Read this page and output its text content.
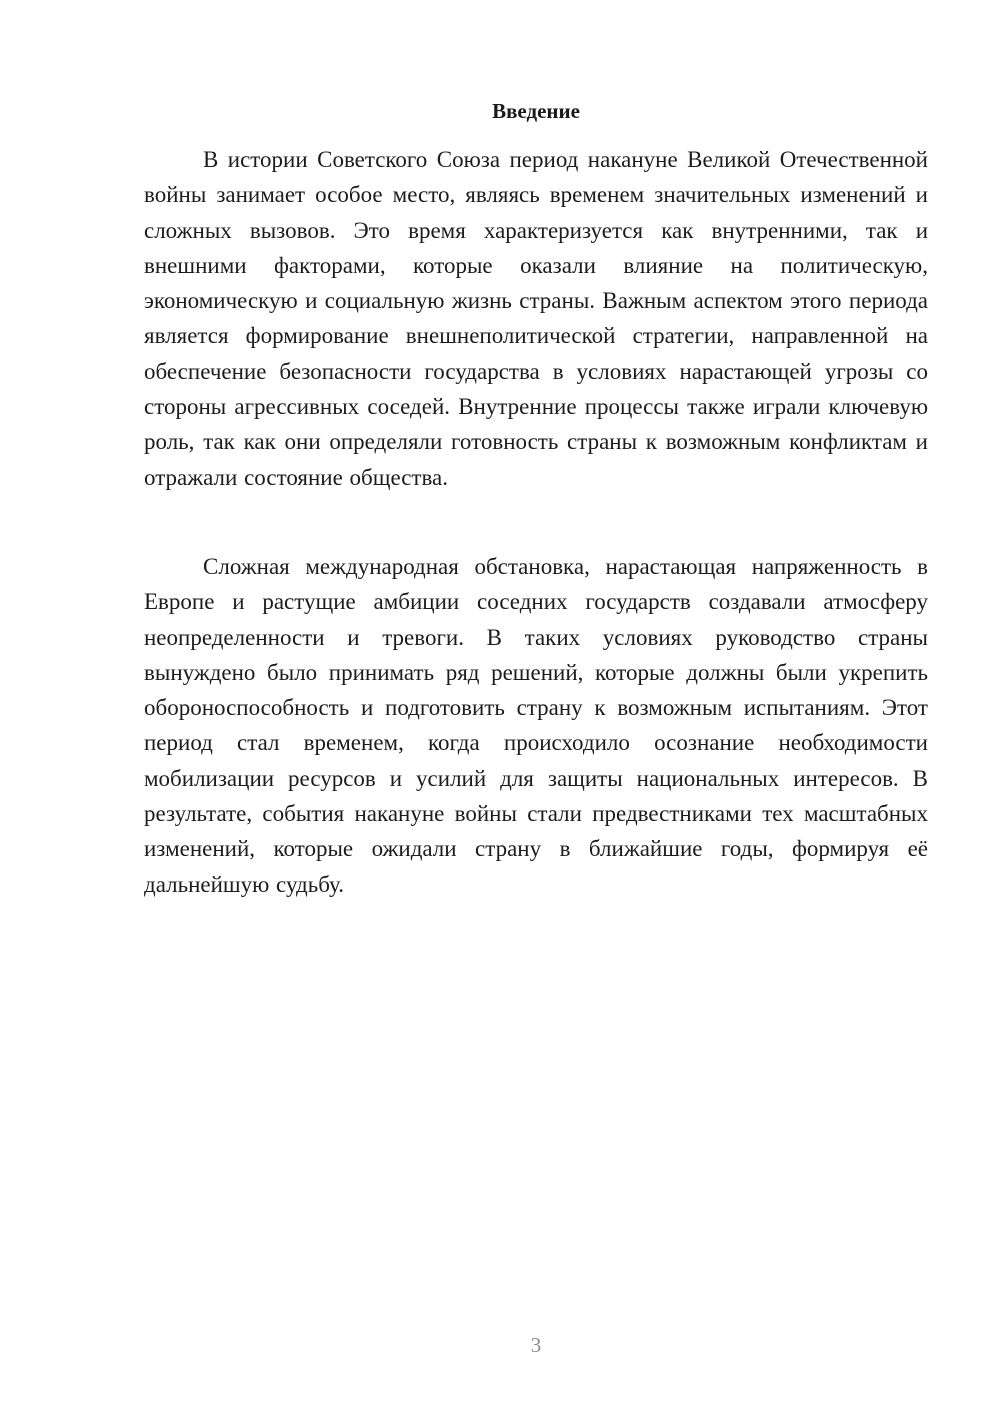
Введение

В истории Советского Союза период накануне Великой Отечественной войны занимает особое место, являясь временем значительных изменений и сложных вызовов. Это время характеризуется как внутренними, так и внешними факторами, которые оказали влияние на политическую, экономическую и социальную жизнь страны. Важным аспектом этого периода является формирование внешнеполитической стратегии, направленной на обеспечение безопасности государства в условиях нарастающей угрозы со стороны агрессивных соседей. Внутренние процессы также играли ключевую роль, так как они определяли готовность страны к возможным конфликтам и отражали состояние общества.

Сложная международная обстановка, нарастающая напряженность в Европе и растущие амбиции соседних государств создавали атмосферу неопределенности и тревоги. В таких условиях руководство страны вынуждено было принимать ряд решений, которые должны были укрепить обороноспособность и подготовить страну к возможным испытаниям. Этот период стал временем, когда происходило осознание необходимости мобилизации ресурсов и усилий для защиты национальных интересов. В результате, события накануне войны стали предвестниками тех масштабных изменений, которые ожидали страну в ближайшие годы, формируя её дальнейшую судьбу.

3
